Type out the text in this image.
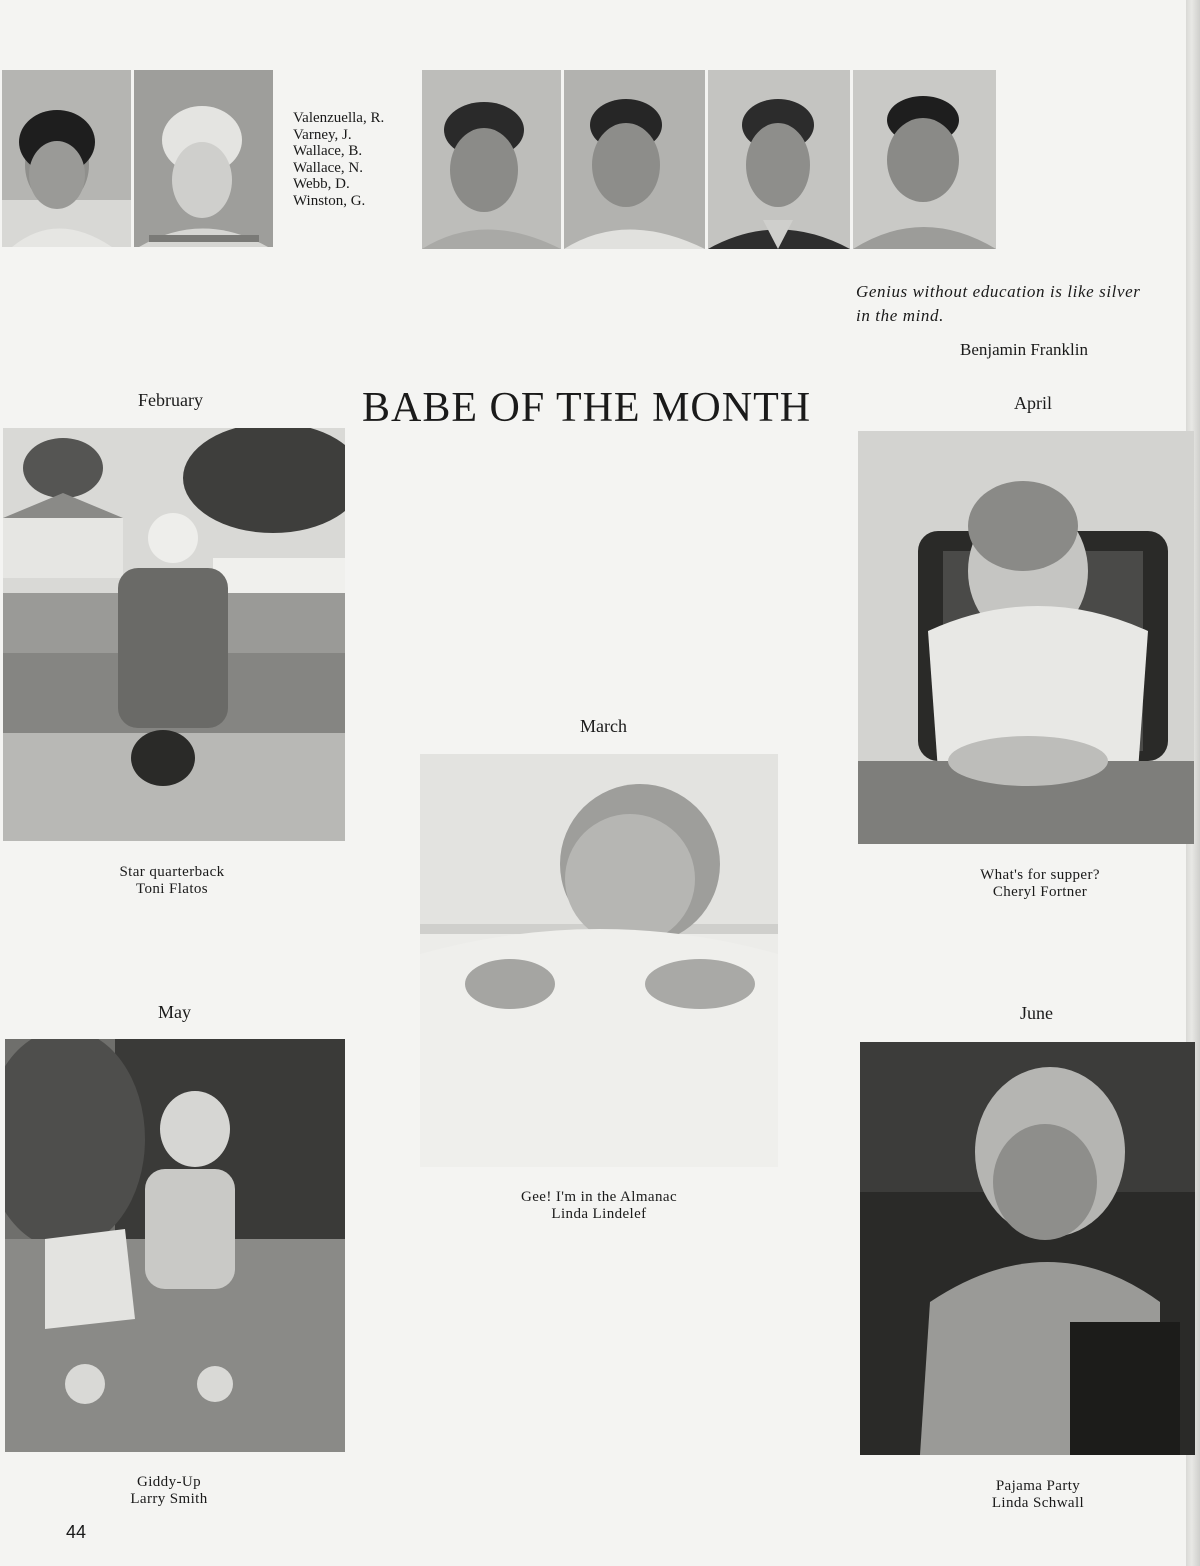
Valenzuella, R.
Varney, J.
Wallace, B.
Wallace, N.
Webb, D.
Winston, G.
Genius without education is like silver in the mind.
Benjamin Franklin
BABE OF THE MONTH
February
Star quarterback
Toni Flatos
March
Gee! I'm in the Almanac
Linda Lindelef
April
What's for supper?
Cheryl Fortner
May
Giddy-Up
Larry Smith
June
Pajama Party
Linda Schwall
44
